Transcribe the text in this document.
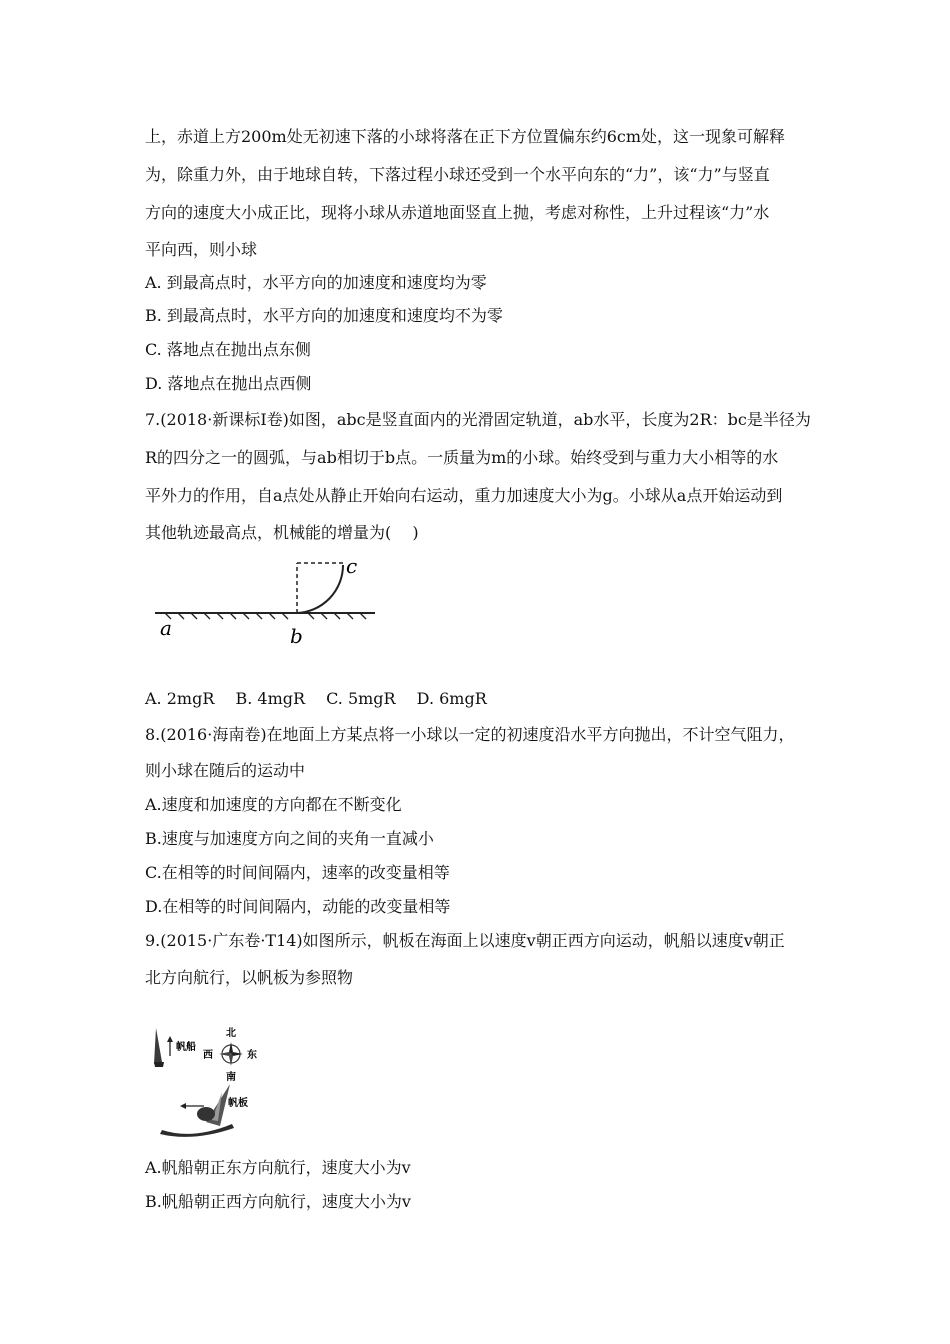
上，赤道上方200m处无初速下落的小球将落在正下方位置偏东约6cm处，这一现象可解释
为，除重力外，由于地球自转，下落过程小球还受到一个水平向东的“力”，该“力”与竖直
方向的速度大小成正比，现将小球从赤道地面竖直上抛，考虑对称性，上升过程该“力”水
平向西，则小球
A. 到最高点时，水平方向的加速度和速度均为零
B. 到最高点时，水平方向的加速度和速度均不为零
C. 落地点在抛出点东侧
D. 落地点在抛出点西侧
7.(2018·新课标I卷)如图，abc是竖直面内的光滑固定轨道，ab水平，长度为2R：bc是半径为
R的四分之一的圆弧，与ab相切于b点。一质量为m的小球。始终受到与重力大小相等的水
平外力的作用，自a点处从静止开始向右运动，重力加速度大小为g。小球从a点开始运动到
其他轨迹最高点，机械能的增量为(　 )
a	b
c
A. 2mgR　 B. 4mgR　 C. 5mgR　 D. 6mgR
8.(2016·海南卷)在地面上方某点将一小球以一定的初速度沿水平方向抛出，不计空气阻力，
则小球在随后的运动中
A.速度和加速度的方向都在不断变化
B.速度与加速度方向之间的夹角一直减小
C.在相等的时间间隔内，速率的改变量相等
D.在相等的时间间隔内，动能的改变量相等
9.(2015·广东卷·T14)如图所示，帆板在海面上以速度v朝正西方向运动，帆船以速度v朝正
北方向航行，以帆板为参照物
北
南
西	东
帆船
帆板
A.帆船朝正东方向航行，速度大小为v
B.帆船朝正西方向航行，速度大小为v
